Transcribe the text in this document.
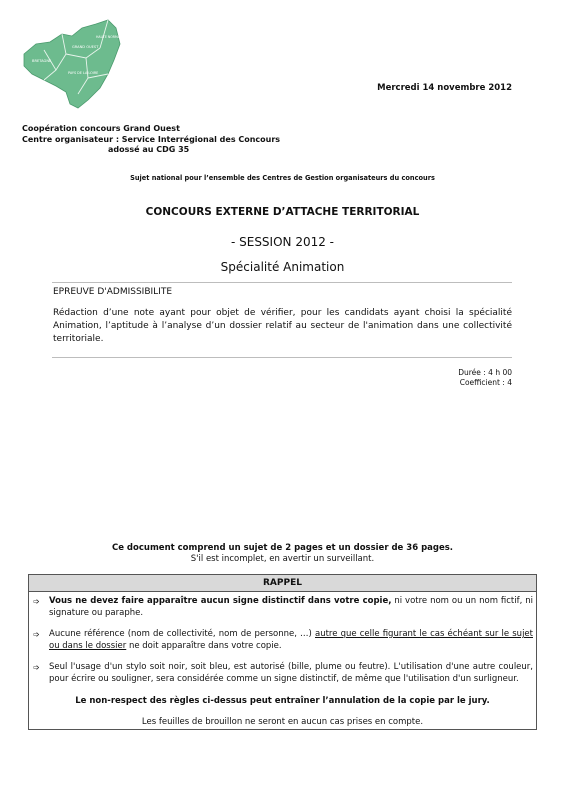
GRAND OUEST
HAUTE NORMANDIE
BRETAGNE
PAYS DE LA LOIRE
Mercredi 14 novembre 2012
Coopération concours Grand Ouest
Centre organisateur : Service Interrégional des Concours
adossé au CDG 35
Sujet national pour l’ensemble des Centres de Gestion organisateurs du concours
CONCOURS EXTERNE D’ATTACHE TERRITORIAL
- SESSION 2012 -
Spécialité Animation
EPREUVE D'ADMISSIBILITE
Rédaction d’une note ayant pour objet de vérifier, pour les candidats ayant choisi la spécialité Animation, l’aptitude à l’analyse d’un dossier relatif au secteur de l'animation dans une collectivité territoriale.
Durée : 4 h 00
Coefficient : 4
Ce document comprend un sujet de 2 pages et un dossier de 36 pages.
S'il est incomplet, en avertir un surveillant.
RAPPEL
➩	Vous ne devez faire apparaître aucun signe distinctif dans votre copie, ni votre nom ou un nom fictif, ni signature ou paraphe.
➩	Aucune référence (nom de collectivité, nom de personne, …) autre que celle figurant le cas échéant sur le sujet ou dans le dossier ne doit apparaître dans votre copie.
➩	Seul l'usage d'un stylo soit noir, soit bleu, est autorisé (bille, plume ou feutre). L'utilisation d'une autre couleur, pour écrire ou souligner, sera considérée comme un signe distinctif, de même que l'utilisation d'un surligneur.
Le non-respect des règles ci-dessus peut entraîner l’annulation de la copie par le jury.
Les feuilles de brouillon ne seront en aucun cas prises en compte.
